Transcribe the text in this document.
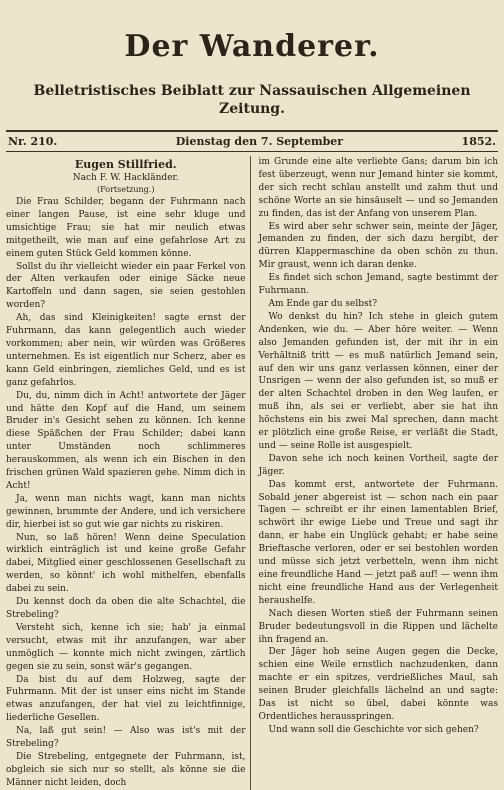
Der Wanderer.
Belletristisches Beiblatt zur Nassauischen Allgemeinen Zeitung.
Nr. 210.	Dienstag den 7. September	1852.
Eugen Stillfried.
Nach F. W. Hackländer.
(Fortsetzung.)

Die Frau Schilder, begann der Fuhrmann nach einer langen Pause, ist eine sehr kluge und umsichtige Frau; sie hat mir neulich etwas mitgetheilt, wie man auf eine gefahrlose Art zu einem guten Stück Geld kommen könne.

Sollst du ihr vielleicht wieder ein paar Ferkel von der Alten verkaufen oder einige Säcke neue Kartoffeln und dann sagen, sie seien gestohlen worden?

Ah, das sind Kleinigkeiten! sagte ernst der Fuhrmann, das kann gelegentlich auch wieder vorkommen; aber nein, wir würden was Größeres unternehmen. Es ist eigentlich nur Scherz, aber es kann Geld einbringen, ziemliches Geld, und es ist ganz gefahrlos.

Du, du, nimm dich in Acht! antwortete der Jäger und hätte den Kopf auf die Hand, um seinem Bruder in's Gesicht sehen zu können. Ich kenne diese Späßchen der Frau Schilder; dabei kann unter Umständen noch schlimmeres herauskommen, als wenn ich ein Bischen in den frischen grünen Wald spazieren gehe. Nimm dich in Acht!

Ja, wenn man nichts wagt, kann man nichts gewinnen, brummte der Andere, und ich versichere dir, hierbei ist so gut wie gar nichts zu riskiren.

Nun, so laß hören! Wenn deine Speculation wirklich einträglich ist und keine große Gefahr dabei, Mitglied einer geschlossenen Gesellschaft zu werden, so könnt' ich wohl mithelfen, ebenfalls dabei zu sein.

Du kennst doch da oben die alte Schachtel, die Strebeling?

Versteht sich, kenne ich sie; hab' ja einmal versucht, etwas mit ihr anzufangen, war aber unmöglich — konnte mich nicht zwingen, zärtlich gegen sie zu sein, sonst wär's gegangen.

Da bist du auf dem Holzweg, sagte der Fuhrmann. Mit der ist unser eins nicht im Stande etwas anzufangen, der hat viel zu leichtfinnige, liederliche Gesellen.

Na, laß gut sein! — Also was ist's mit der Strebeling?

Die Strebeling, entgegnete der Fuhrmann, ist, obgleich sie sich nur so stellt, als könne sie die Männer nicht leiden, doch

im Grunde eine alte verliebte Gans; darum bin ich fest überzeugt, wenn nur Jemand hinter sie kommt, der sich recht schlau anstellt und zahm thut und schöne Worte an sie hinsäuselt — und so Jemanden zu finden, das ist der Anfang von unserem Plan.

Es wird aber sehr schwer sein, meinte der Jäger, Jemanden zu finden, der sich dazu hergibt, der dürren Klappermaschine da oben schön zu thun. Mir graust, wenn ich daran denke.

Es findet sich schon Jemand, sagte bestimmt der Fuhrmann.

Am Ende gar du selbst?

Wo denkst du hin? Ich stehe in gleich gutem Andenken, wie du. — Aber höre weiter. — Wenn also Jemanden gefunden ist, der mit ihr in ein Verhältniß tritt — es muß natürlich Jemand sein, auf den wir uns ganz verlassen können, einer der Unsrigen — wenn der also gefunden ist, so muß er der alten Schachtel droben in den Weg laufen, er muß ihn, als sei er verliebt, aber sie hat ihn höchstens ein bis zwei Mal sprechen, dann macht er plötzlich eine große Reise, er verläßt die Stadt, und — seine Rolle ist ausgespielt.

Davon sehe ich noch keinen Vortheil, sagte der Jäger.

Das kommt erst, antwortete der Fuhrmann. Sobald jener abgereist ist — schon nach ein paar Tagen — schreibt er ihr einen lamentablen Brief, schwört ihr ewige Liebe und Treue und sagt ihr dann, er habe ein Unglück gehabt; er habe seine Brieftasche verloren, oder er sei bestohlen worden und müsse sich jetzt verbetteln, wenn ihm nicht eine freundliche Hand — jetzt paß auf! — wenn ihm nicht eine freundliche Hand aus der Verlegenheit heraushelfe.

Nach diesen Worten stieß der Fuhrmann seinen Bruder bedeutungsvoll in die Rippen und lächelte ihn fragend an.

Der Jäger hob seine Augen gegen die Decke, schien eine Weile ernstlich nachzudenken, dann machte er ein spitzes, verdrießliches Maul, sah seinen Bruder gleichfalls lächelnd an und sagte: Das ist nicht so übel, dabei könnte was Ordentliches herausspringen.

Und wann soll die Geschichte vor sich gehen?
